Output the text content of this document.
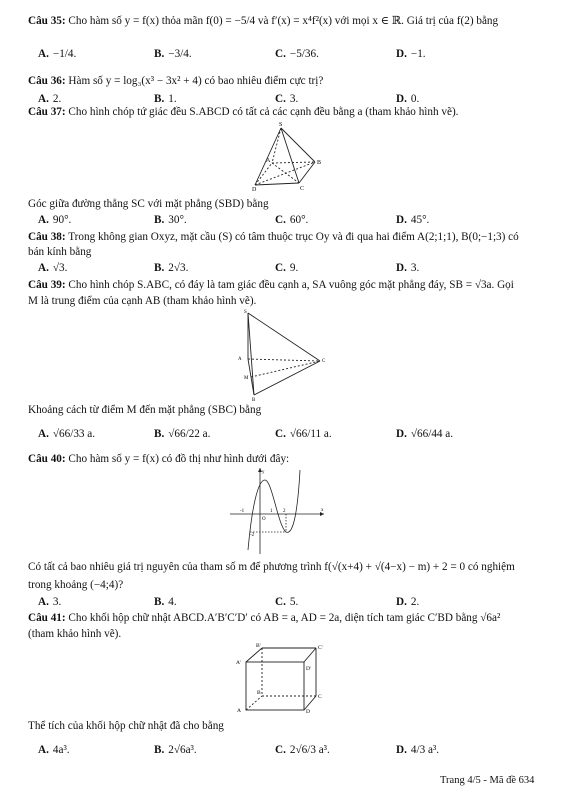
Câu 35: Cho hàm số y = f(x) thỏa mãn f(0) = −5/4 và f′(x) = x⁴f²(x) với mọi x ∈ ℝ. Giá trị của f(2) bằng
A. −1/4.	B. −3/4.	C. −5/36.	D. −1.
Câu 36: Hàm số y = log₃(x³ − 3x² + 4) có bao nhiêu điểm cực trị?
A. 2.	B. 1.	C. 3.	D. 0.
Câu 37: Cho hình chóp tứ giác đều S.ABCD có tất cả các cạnh đều bằng a (tham khảo hình vẽ).
S
B
C
D
A
Góc giữa đường thẳng SC với mặt phẳng (SBD) bằng
A. 90°.	B. 30°.	C. 60°.	D. 45°.
Câu 38: Trong không gian Oxyz, mặt cầu (S) có tâm thuộc trục Oy và đi qua hai điểm A(2;1;1), B(0;−1;3) có
bán kính bằng
A. √3.	B. 2√3.	C. 9.	D. 3.
Câu 39: Cho hình chóp S.ABC, có đáy là tam giác đều cạnh a, SA vuông góc mặt phẳng đáy, SB = √3a. Gọi
M là trung điểm của cạnh AB (tham khảo hình vẽ).
S
A	C
M
B
Khoảng cách từ điểm M đến mặt phẳng (SBC) bằng
A. √66/33 a.	B. √66/22 a.	C. √66/11 a.	D. √66/44 a.
Câu 40: Cho hàm số y = f(x) có đồ thị như hình dưới đây:
y
x
O
-1	1 2
-2
Có tất cả bao nhiêu giá trị nguyên của tham số m để phương trình f(√(x+4) + √(4−x) − m) + 2 = 0 có nghiệm
trong khoảng (−4;4)?
A. 3.	B. 4.	C. 5.	D. 2.
Câu 41: Cho khối hộp chữ nhật ABCD.A′B′C′D′ có AB = a, AD = 2a, diện tích tam giác C′BD bằng √6a²
(tham khảo hình vẽ).
B'	C'
A'
D'
B
C
A	D
Thể tích của khối hộp chữ nhật đã cho bằng
A. 4a³.	B. 2√6a³.	C. 2√6/3 a³.	D. 4/3 a³.
Trang 4/5 - Mã đề 634
